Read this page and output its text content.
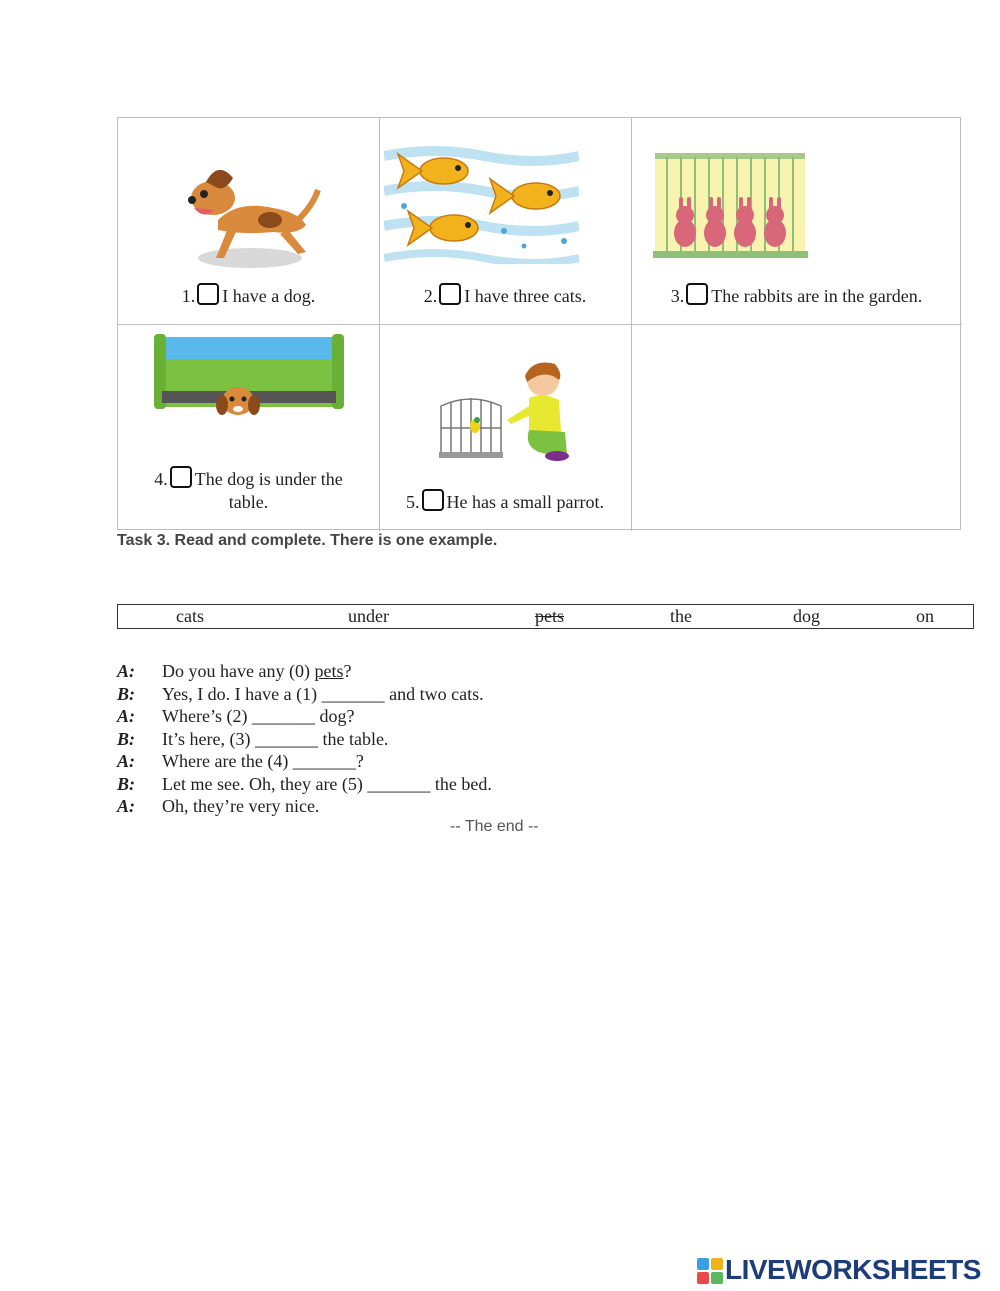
1. I have a dog.	2. I have three cats.	3. The rabbits are in the garden.
4. The dog is under the
table.	5. He has a small parrot.
Task 3. Read and complete. There is one example.
cats	under	pets	the	dog	on
A: Do you have any (0) pets?
B: Yes, I do. I have a (1) _______ and two cats.
A: Where’s (2) _______ dog?
B: It’s here, (3) _______ the table.
A: Where are the (4) _______?
B: Let me see. Oh, they are (5) _______ the bed.
A: Oh, they’re very nice.
-- The end --
LIVEWORKSHEETS
